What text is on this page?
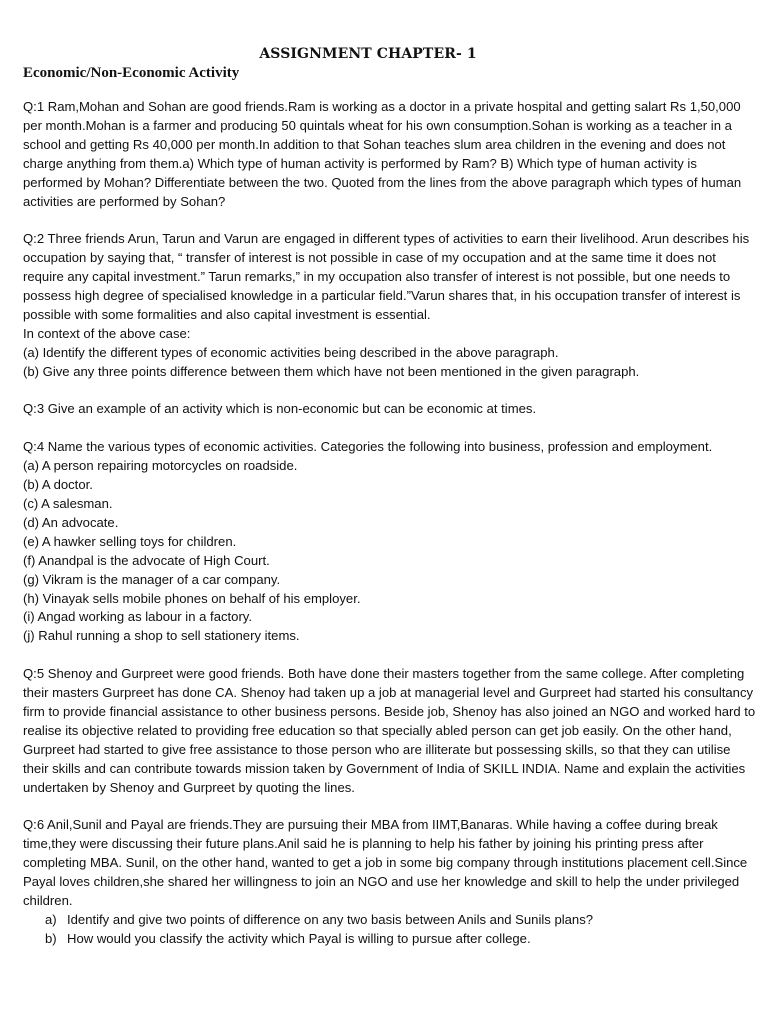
ASSIGNMENT CHAPTER- 1
Economic/Non-Economic Activity

Q:1 Ram,Mohan and Sohan are good friends.Ram is working as a doctor in a private hospital and getting salart Rs 1,50,000 per month.Mohan is a farmer and producing 50 quintals wheat for his own consumption.Sohan is working as a teacher in a school and getting Rs 40,000 per month.In addition to that Sohan teaches slum area children in the evening and does not charge anything from them.a) Which type of human activity is performed by Ram? B) Which type of human activity is performed by Mohan? Differentiate between the two. Quoted from the lines from the above paragraph which types of human activities are performed by Sohan?

Q:2 Three friends Arun, Tarun and Varun are engaged in different types of activities to earn their livelihood. Arun describes his occupation by saying that, “ transfer of interest is not possible in case of my occupation and at the same time it does not require any capital investment.” Tarun remarks,” in my occupation also transfer of interest is not possible, but one needs to possess high degree of specialised knowledge in a particular field.”Varun shares that, in his occupation transfer of interest is possible with some formalities and also capital investment is essential.

In context of the above case:

(a) Identify the different types of economic activities being described in the above paragraph.

(b) Give any three points difference between them which have not been mentioned in the given paragraph.

Q:3 Give an example of an activity which is non-economic but can be economic at times.

Q:4 Name the various types of economic activities. Categories the following into business, profession and employment.

(a) A person repairing motorcycles on roadside.

(b) A doctor.

(c) A salesman.

(d) An advocate.

(e) A hawker selling toys for children.

(f) Anandpal is the advocate of High Court.

(g) Vikram is the manager of a car company.

(h) Vinayak sells mobile phones on behalf of his employer.

(i) Angad working as labour in a factory.

(j) Rahul running a shop to sell stationery items.

Q:5 Shenoy and Gurpreet were good friends. Both have done their masters together from the same college. After completing their masters Gurpreet has done CA. Shenoy had taken up a job at managerial level and Gurpreet had started his consultancy firm to provide financial assistance to other business persons. Beside job, Shenoy has also joined an NGO and worked hard to realise its objective related to providing free education so that specially abled person can get job easily. On the other hand, Gurpreet had started to give free assistance to those person who are illiterate but possessing skills, so that they can utilise their skills and can contribute towards mission taken by Government of India of SKILL INDIA. Name and explain the activities undertaken by Shenoy and Gurpreet by quoting the lines.

Q:6 Anil,Sunil and Payal are friends.They are pursuing their MBA from IIMT,Banaras. While having a coffee during break time,they were discussing their future plans.Anil said he is planning to help his father by joining his printing press after completing MBA. Sunil, on the other hand, wanted to get a job in some big company through institutions placement cell.Since Payal loves children,she shared her willingness to join an NGO and use her knowledge and skill to help the under privileged children.

a) Identify and give two points of difference on any two basis between Anils and Sunils plans?
b) How would you classify the activity which Payal is willing to pursue after college.
